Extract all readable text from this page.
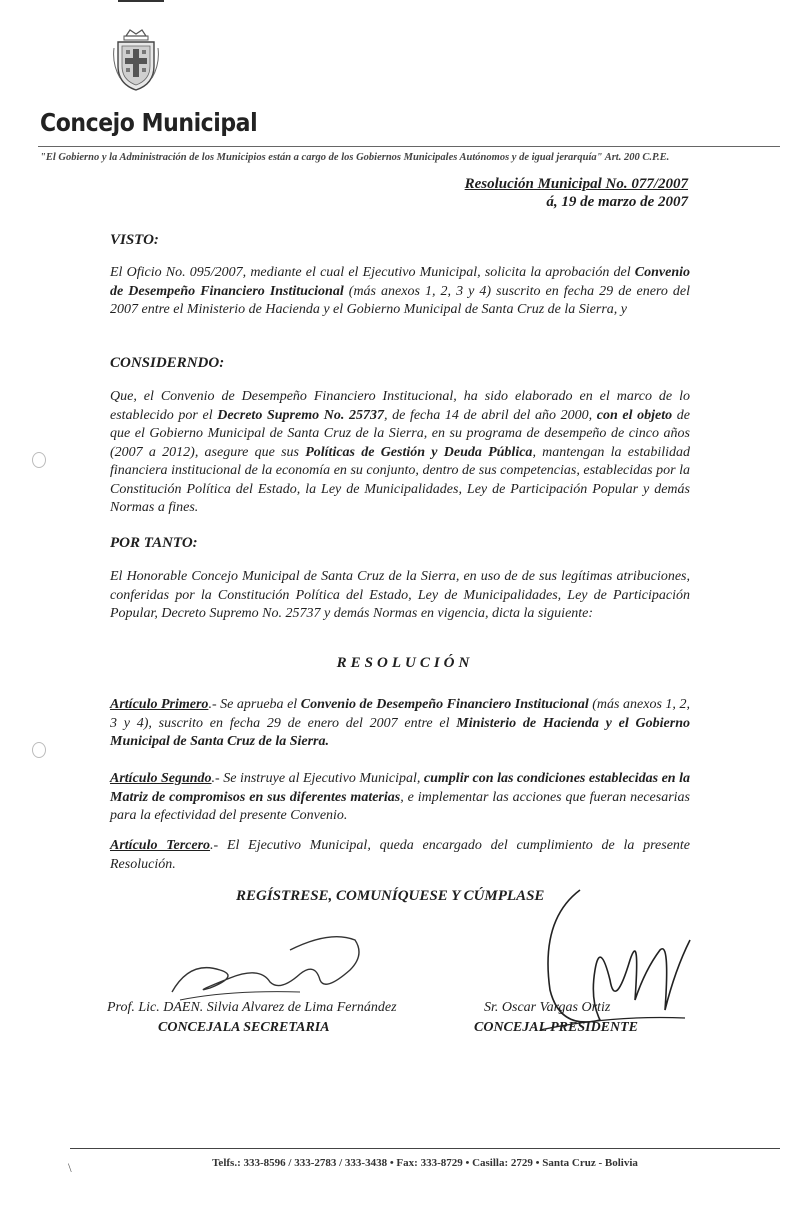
Concejo Municipal
"El Gobierno y la Administración de los Municipios están a cargo de los Gobiernos Municipales Autónomos y de igual jerarquía" Art. 200 C.P.E.
Resolución Municipal No. 077/2007
á, 19 de marzo de 2007
VISTO:
El Oficio No. 095/2007, mediante el cual el Ejecutivo Municipal, solicita la aprobación del Convenio de Desempeño Financiero Institucional (más anexos 1, 2, 3 y 4) suscrito en fecha 29 de enero del 2007 entre el Ministerio de Hacienda y el Gobierno Municipal de Santa Cruz de la Sierra, y
CONSIDERNDO:
Que, el Convenio de Desempeño Financiero Institucional, ha sido elaborado en el marco de lo establecido por el Decreto Supremo No. 25737, de fecha 14 de abril del año 2000, con el objeto de que el Gobierno Municipal de Santa Cruz de la Sierra, en su programa de desempeño de cinco años (2007 a 2012), asegure que sus Políticas de Gestión y Deuda Pública, mantengan la estabilidad financiera institucional de la economía en su conjunto, dentro de sus competencias, establecidas por la Constitución Política del Estado, la Ley de Municipalidades, Ley de Participación Popular y demás Normas a fines.
POR TANTO:
El Honorable Concejo Municipal de Santa Cruz de la Sierra, en uso de de sus legítimas atribuciones, conferidas por la Constitución Política del Estado, Ley de Municipalidades, Ley de Participación Popular, Decreto Supremo No. 25737 y demás Normas en vigencia, dicta la siguiente:
RESOLUCIÓN
Artículo Primero.- Se aprueba el Convenio de Desempeño Financiero Institucional (más anexos 1, 2, 3 y 4), suscrito en fecha 29 de enero del 2007 entre el Ministerio de Hacienda y el Gobierno Municipal de Santa Cruz de la Sierra.
Artículo Segundo.- Se instruye al Ejecutivo Municipal, cumplir con las condiciones establecidas en la Matriz de compromisos en sus diferentes materias, e implementar las acciones que fueran necesarias para la efectividad del presente Convenio.
Artículo Tercero.- El Ejecutivo Municipal, queda encargado del cumplimiento de la presente Resolución.
REGÍSTRESE, COMUNÍQUESE Y CÚMPLASE
Prof. Lic. DAEN. Silvia Alvarez de Lima Fernández
CONCEJALA SECRETARIA
Sr. Oscar Vargas Ortiz
CONCEJAL PRESIDENTE
Telfs.: 333-8596 / 333-2783 / 333-3438 • Fax: 333-8729 • Casilla: 2729 • Santa Cruz - Bolivia
\
